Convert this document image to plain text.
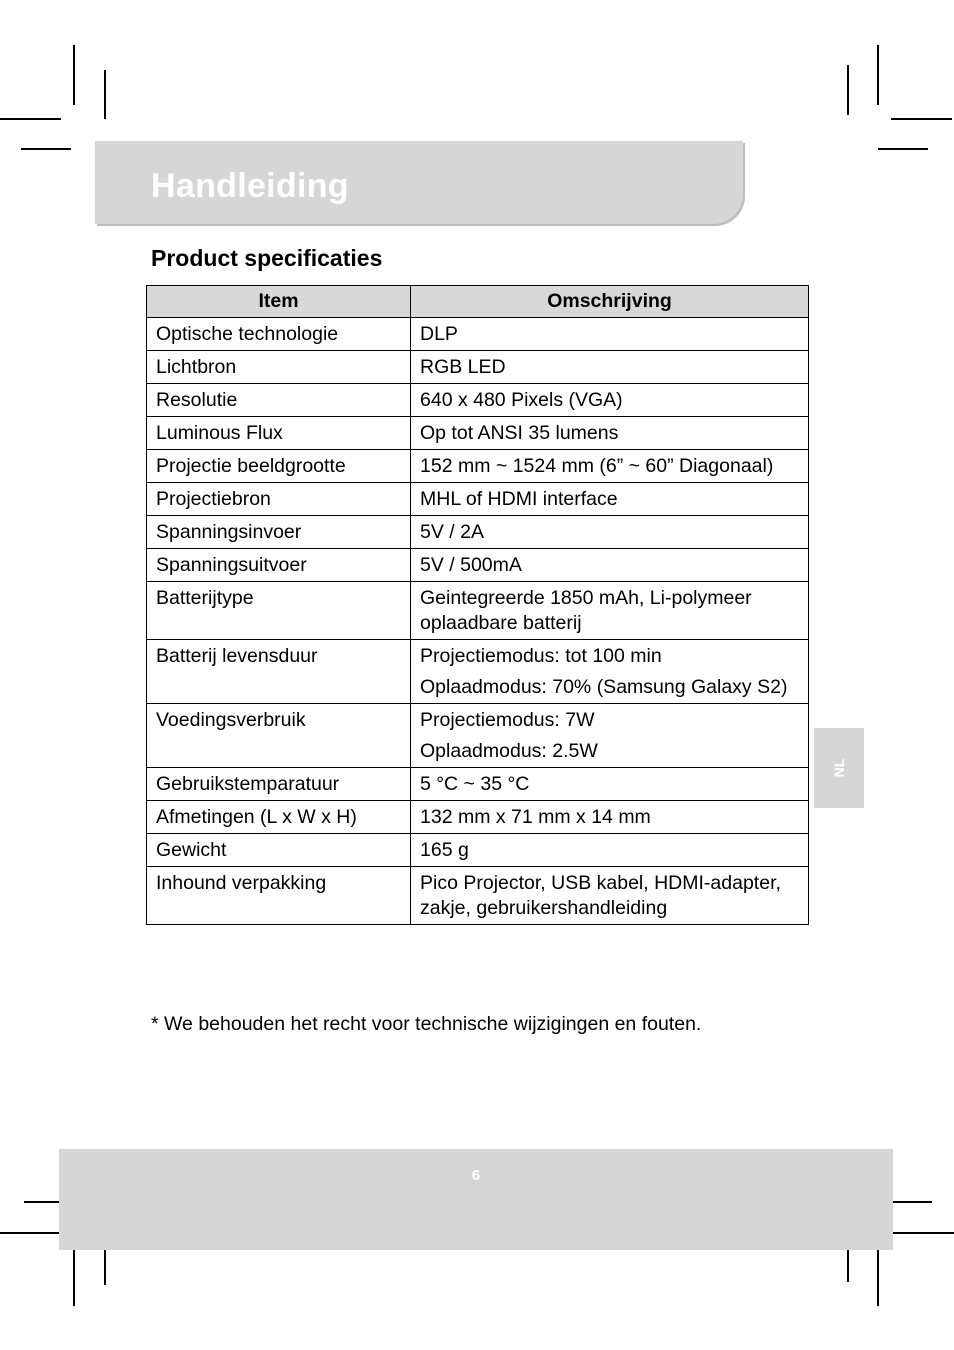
Handleiding
Product specificaties
Item	Omschrijving
Optische technologie	DLP

Lichtbron	RGB LED

Resolutie	640 x 480 Pixels (VGA)

Luminous Flux	Op tot ANSI 35 lumens

Projectie beeldgrootte	152 mm ~ 1524 mm (6” ~ 60” Diagonaal)

Projectiebron	MHL of HDMI interface

Spanningsinvoer	5V / 2A

Spanningsuitvoer	5V / 500mA

Batterijtype	Geintegreerde 1850 mAh, Li-polymeer oplaadbare batterij

Batterij levensduur	Projectiemodus: tot 100 min
Oplaadmodus: 70% (Samsung Galaxy S2)

Voedingsverbruik	Projectiemodus: 7W
Oplaadmodus: 2.5W

Gebruikstemparatuur	5 °C ~ 35 °C

Afmetingen (L x W x H)	132 mm x 71 mm x 14 mm

Gewicht	165 g

Inhound verpakking	Pico Projector, USB kabel, HDMI-adapter, zakje, gebruikershandleiding
* We behouden het recht voor technische wijzigingen en fouten.
NL
6
